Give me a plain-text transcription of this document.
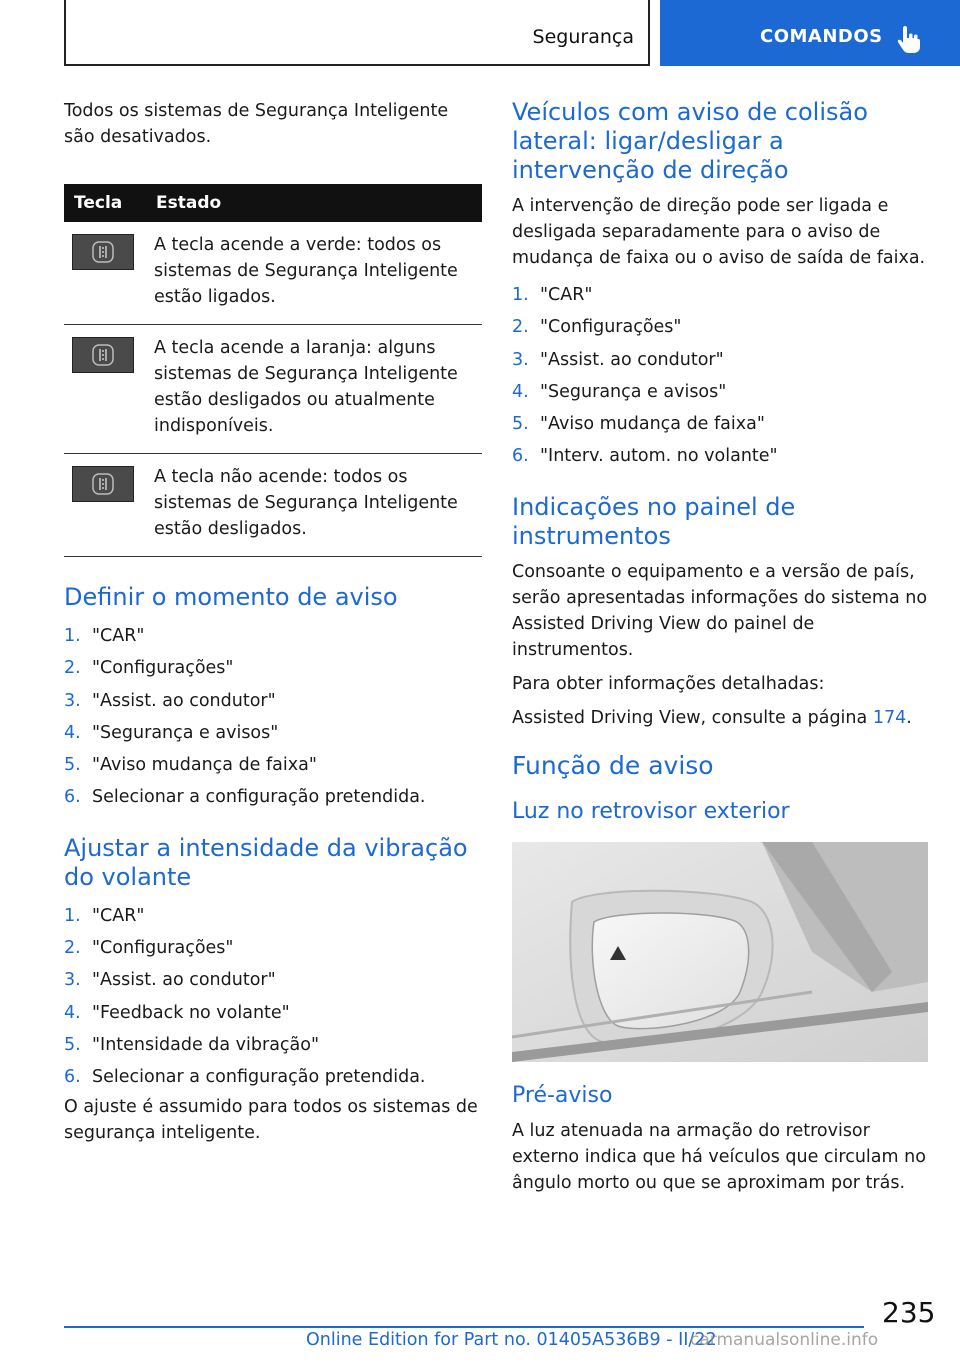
Segurança	COMANDOS

Todos os sistemas de Segurança Inteligente são desativados.

Tecla	Estado

	A tecla acende a verde: todos os sistemas de Segurança Inteligente estão ligados.

	A tecla acende a laranja: alguns sistemas de Segurança Inteligente estão desligados ou atualmente indisponíveis.

	A tecla não acende: todos os sistemas de Segurança Inteligente estão desligados.
Definir o momento de aviso
1. "CAR"
2. "Configurações"
3. "Assist. ao condutor"
4. "Segurança e avisos"
5. "Aviso mudança de faixa"
6. Selecionar a configuração pretendida.
Ajustar a intensidade da vibração do volante
1. "CAR"
2. "Configurações"
3. "Assist. ao condutor"
4. "Feedback no volante"
5. "Intensidade da vibração"
6. Selecionar a configuração pretendida.

O ajuste é assumido para todos os sistemas de segurança inteligente.

Veículos com aviso de colisão lateral: ligar/desligar a intervenção de direção

A intervenção de direção pode ser ligada e desligada separadamente para o aviso de mudança de faixa ou o aviso de saída de faixa.

1. "CAR"
2. "Configurações"
3. "Assist. ao condutor"
4. "Segurança e avisos"
5. "Aviso mudança de faixa"
6. "Interv. autom. no volante"
Indicações no painel de instrumentos

Consoante o equipamento e a versão de país, serão apresentadas informações do sistema no Assisted Driving View do painel de instrumentos.

Para obter informações detalhadas:

Assisted Driving View, consulte a página 174.

Função de aviso
Luz no retrovisor exterior
Pré-aviso

A luz atenuada na armação do retrovisor externo indica que há veículos que circulam no ângulo morto ou que se aproximam por trás.

235
Online Edition for Part no. 01405A536B9 - II/22
carmanualsonline.info
